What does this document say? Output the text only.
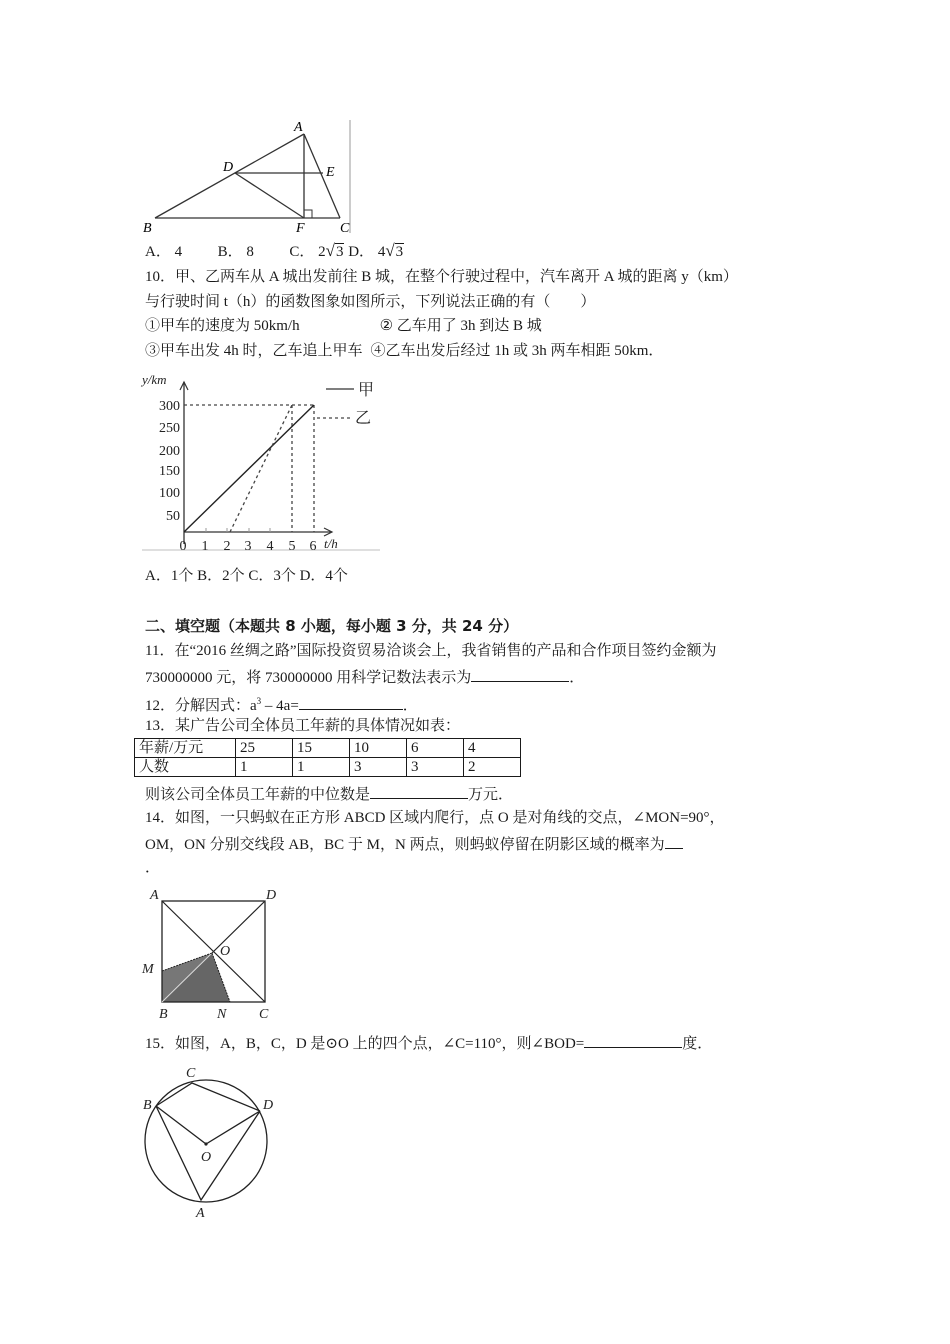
A
B	C
D	E
F
A． 4 B． 8 C． 2√3 D． 4√3
10．甲、乙两车从 A 城出发前往 B 城，在整个行驶过程中，汽车离开 A 城的距离 y（km）
与行驶时间 t（h）的函数图象如图所示，下列说法正确的有（　　）
①甲车的速度为 50km/h	② 乙车用了 3h 到达 B 城
③甲车出发 4h 时，乙车追上甲车 ④乙车出发后经过 1h 或 3h 两车相距 50km．
300
250
200
150
100
50
0 1 2 3 4 5 6
y/km
t/h
甲
乙
A．1个 B．2个 C．3个 D．4个
二、填空题（本题共 8 小题，每小题 3 分，共 24 分）
11．在“2016 丝绸之路”国际投资贸易洽谈会上，我省销售的产品和合作项目签约金额为
730000000 元，将 730000000 用科学记数法表示为	．
12．分解因式：$a^3 - 4a=$	．
13．某广告公司全体员工年薪的具体情况如表：
年薪/万元	25	15	10	6	4
人数	1	1	3	3	2
则该公司全体员工年薪的中位数是	万元．
14．如图，一只蚂蚁在正方形 ABCD 区域内爬行，点 O 是对角线的交点，∠MON=90°，
OM，ON 分别交线段 AB，BC 于 M，N 两点，则蚂蚁停留在阴影区域的概率为
．
A
B	C
D
M
N
O
15．如图，A，B，C，D 是⊙O 上的四个点，∠C=110°，则∠BOD=	度．
A
B
C
D
O
